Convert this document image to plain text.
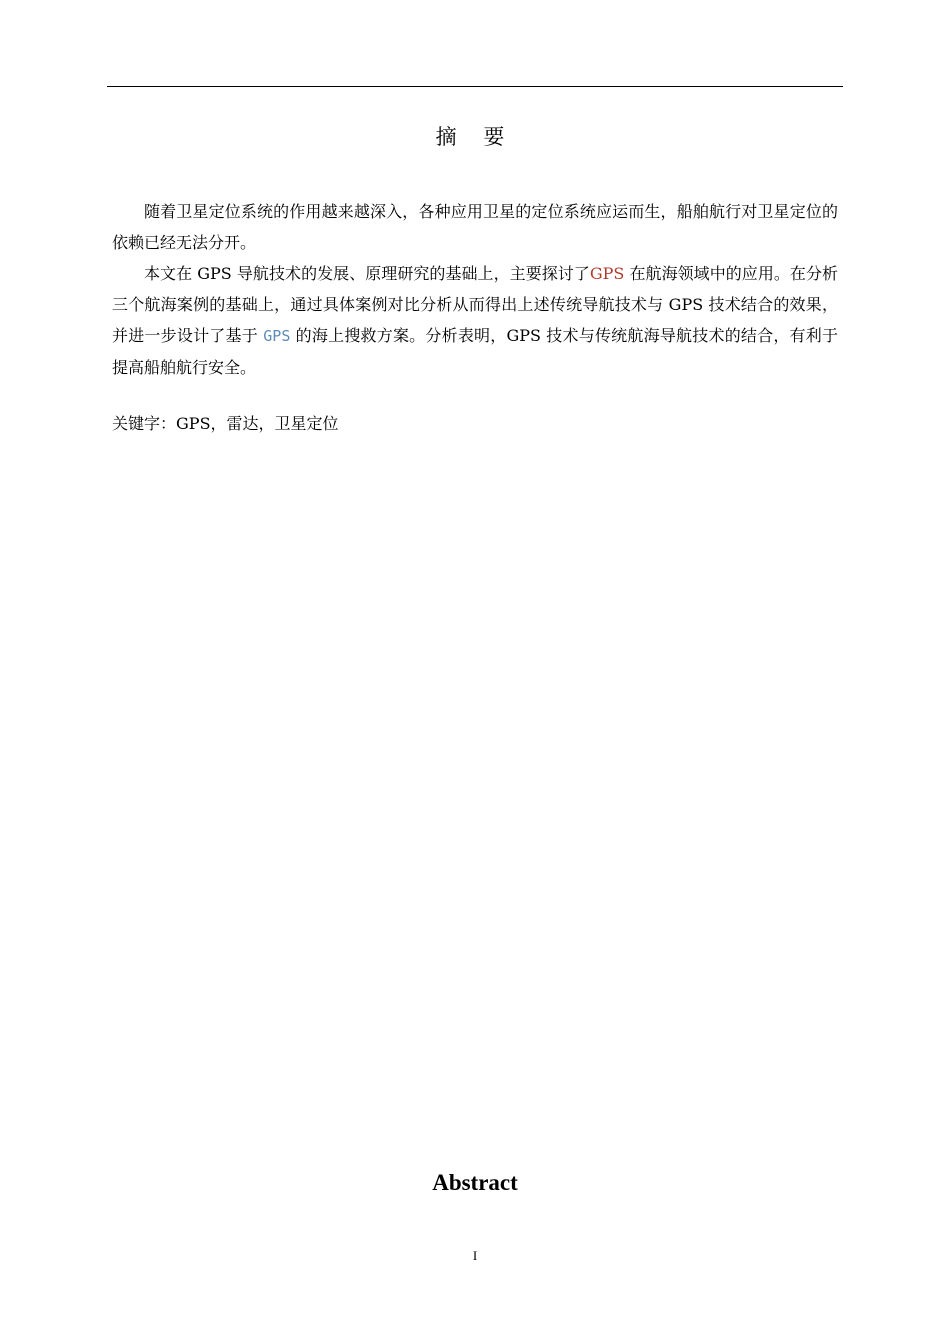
摘 要

随着卫星定位系统的作用越来越深入，各种应用卫星的定位系统应运而生，船舶航行对卫星定位的依赖已经无法分开。

本文在 GPS 导航技术的发展、原理研究的基础上，主要探讨了GPS 在航海领域中的应用。在分析三个航海案例的基础上，通过具体案例对比分析从而得出上述传统导航技术与 GPS 技术结合的效果，并进一步设计了基于 GPS 的海上搜救方案。分析表明，GPS 技术与传统航海导航技术的结合，有利于提高船舶航行安全。

关键字：GPS，雷达，卫星定位
Abstract
I
